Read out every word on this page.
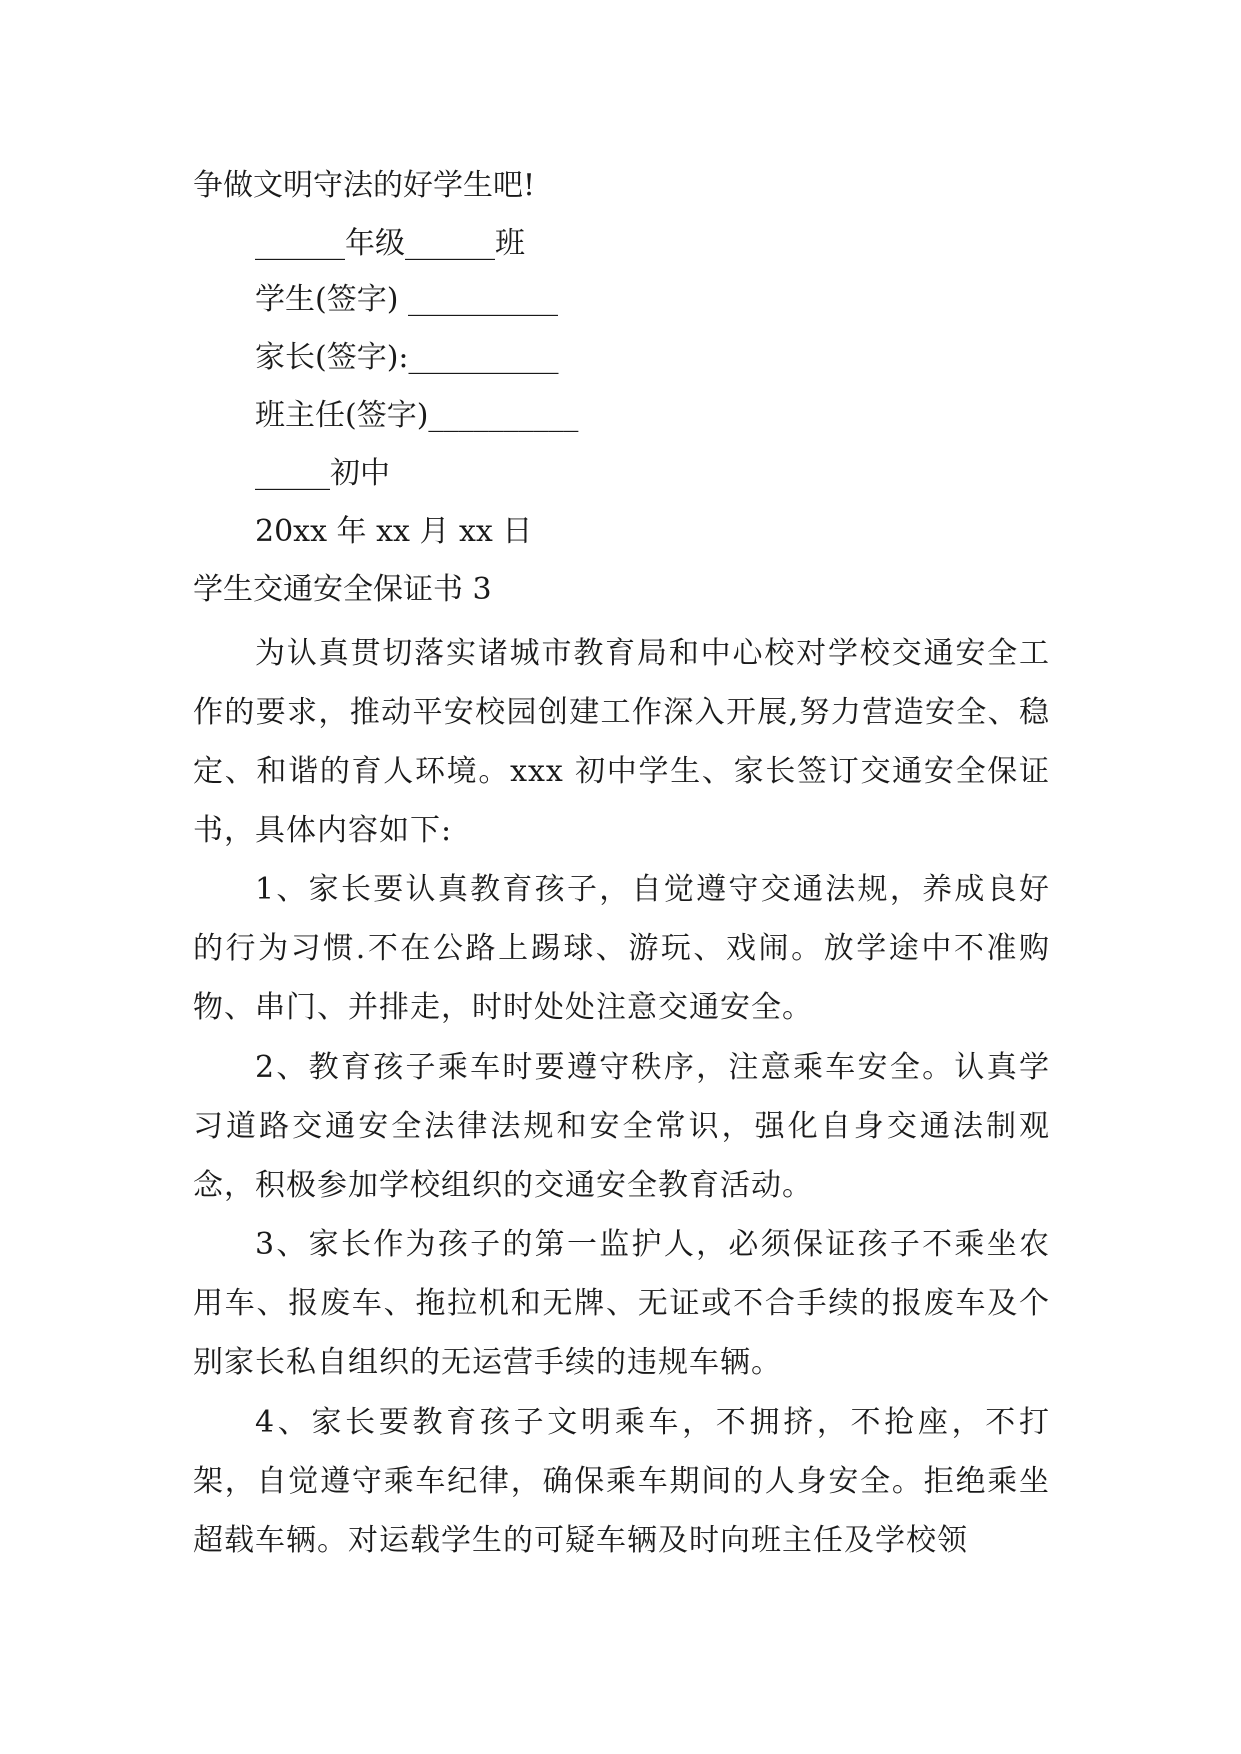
争做文明守法的好学生吧!
______年级______班
学生(签字) __________
家长(签字):__________
班主任(签字)__________
_____初中
20xx 年 xx 月 xx 日
学生交通安全保证书 3
为认真贯切落实诸城市教育局和中心校对学校交通安全工作的要求，推动平安校园创建工作深入开展,努力营造安全、稳定、和谐的育人环境。xxx 初中学生、家长签订交通安全保证书，具体内容如下:
1、家长要认真教育孩子，自觉遵守交通法规，养成良好的行为习惯.不在公路上踢球、游玩、戏闹。放学途中不准购物、串门、并排走，时时处处注意交通安全。
2、教育孩子乘车时要遵守秩序，注意乘车安全。认真学习道路交通安全法律法规和安全常识，强化自身交通法制观念，积极参加学校组织的交通安全教育活动。
3、家长作为孩子的第一监护人，必须保证孩子不乘坐农用车、报废车、拖拉机和无牌、无证或不合手续的报废车及个别家长私自组织的无运营手续的违规车辆。
4、家长要教育孩子文明乘车，不拥挤，不抢座，不打架，自觉遵守乘车纪律，确保乘车期间的人身安全。拒绝乘坐超载车辆。对运载学生的可疑车辆及时向班主任及学校领
